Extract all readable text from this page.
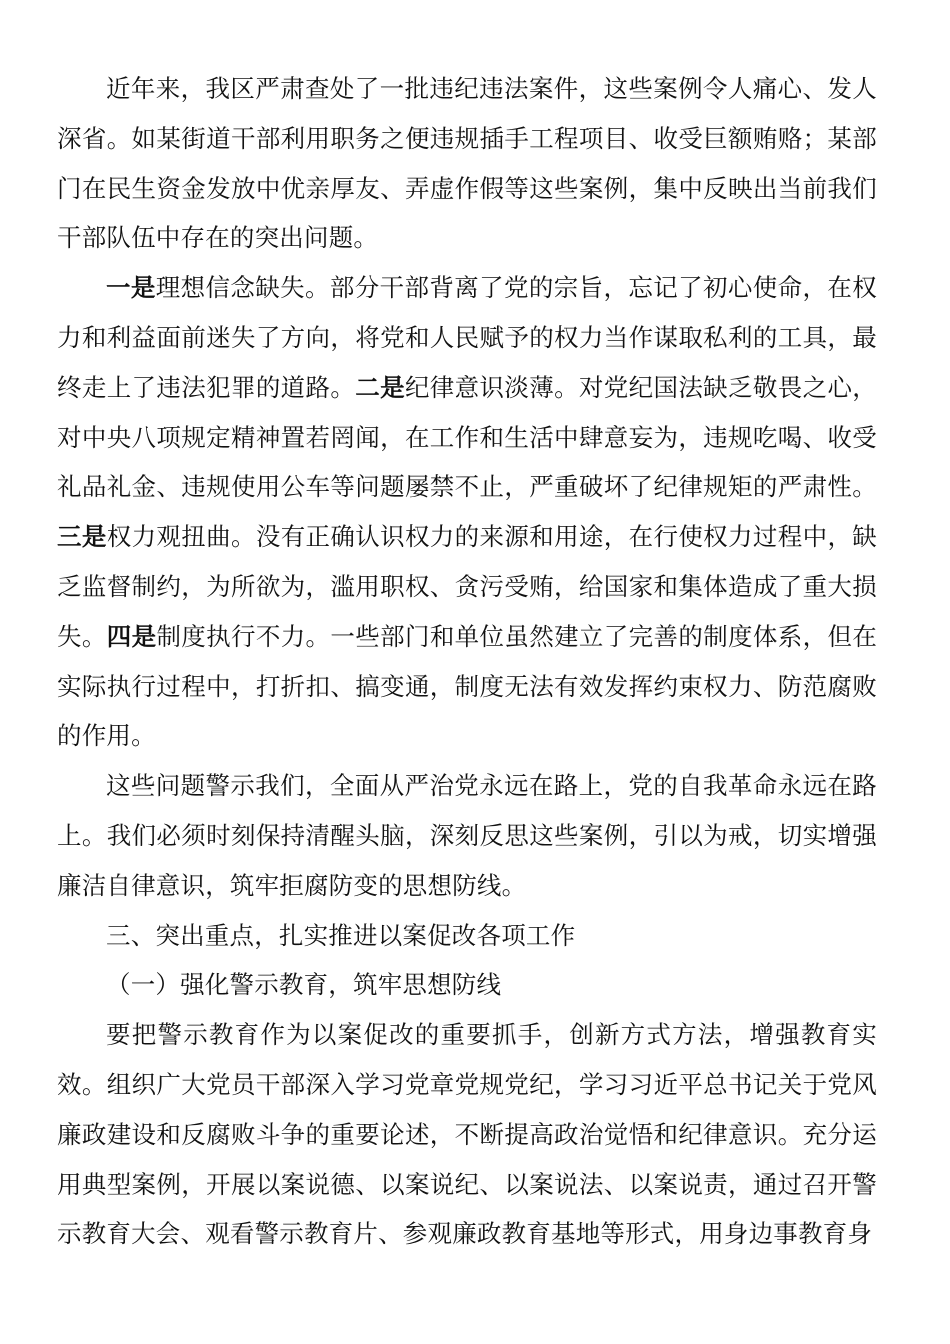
近年来，我区严肃查处了一批违纪违法案件，这些案例令人痛心、发人深省。如某街道干部利用职务之便违规插手工程项目、收受巨额贿赂；某部门在民生资金发放中优亲厚友、弄虚作假等这些案例，集中反映出当前我们干部队伍中存在的突出问题。

一是理想信念缺失。部分干部背离了党的宗旨，忘记了初心使命，在权力和利益面前迷失了方向，将党和人民赋予的权力当作谋取私利的工具，最终走上了违法犯罪的道路。二是纪律意识淡薄。对党纪国法缺乏敬畏之心，对中央八项规定精神置若罔闻，在工作和生活中肆意妄为，违规吃喝、收受礼品礼金、违规使用公车等问题屡禁不止，严重破坏了纪律规矩的严肃性。三是权力观扭曲。没有正确认识权力的来源和用途，在行使权力过程中，缺乏监督制约，为所欲为，滥用职权、贪污受贿，给国家和集体造成了重大损失。四是制度执行不力。一些部门和单位虽然建立了完善的制度体系，但在实际执行过程中，打折扣、搞变通，制度无法有效发挥约束权力、防范腐败的作用。

这些问题警示我们，全面从严治党永远在路上，党的自我革命永远在路上。我们必须时刻保持清醒头脑，深刻反思这些案例，引以为戒，切实增强廉洁自律意识，筑牢拒腐防变的思想防线。

三、突出重点，扎实推进以案促改各项工作

（一）强化警示教育，筑牢思想防线

要把警示教育作为以案促改的重要抓手，创新方式方法，增强教育实效。组织广大党员干部深入学习党章党规党纪，学习习近平总书记关于党风廉政建设和反腐败斗争的重要论述，不断提高政治觉悟和纪律意识。充分运用典型案例，开展以案说德、以案说纪、以案说法、以案说责，通过召开警示教育大会、观看警示教育片、参观廉政教育基地等形式，用身边事教育身
